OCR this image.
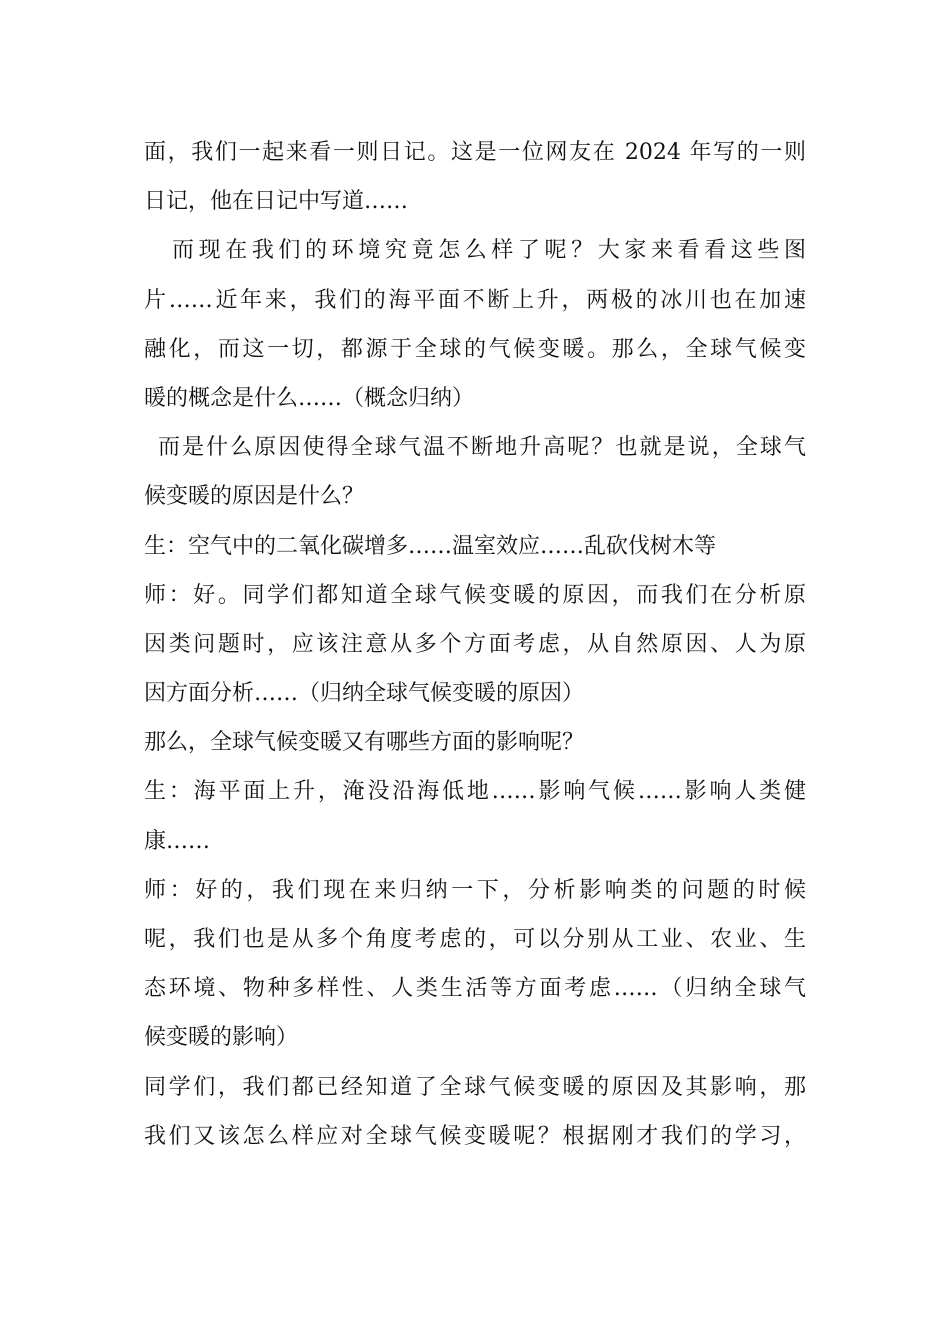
面，我们一起来看一则日记。这是一位网友在 2024 年写的一则
日记，他在日记中写道……
而现在我们的环境究竟怎么样了呢？大家来看看这些图
片……近年来，我们的海平面不断上升，两极的冰川也在加速
融化，而这一切，都源于全球的气候变暖。那么，全球气候变
暖的概念是什么……（概念归纳）
而是什么原因使得全球气温不断地升高呢？也就是说，全球气
候变暖的原因是什么？
生：空气中的二氧化碳增多……温室效应……乱砍伐树木等
师：好。同学们都知道全球气候变暖的原因，而我们在分析原
因类问题时，应该注意从多个方面考虑，从自然原因、人为原
因方面分析……（归纳全球气候变暖的原因）
那么，全球气候变暖又有哪些方面的影响呢？
生：海平面上升，淹没沿海低地……影响气候……影响人类健
康……
师：好的，我们现在来归纳一下，分析影响类的问题的时候
呢，我们也是从多个角度考虑的，可以分别从工业、农业、生
态环境、物种多样性、人类生活等方面考虑……（归纳全球气
候变暖的影响）
同学们，我们都已经知道了全球气候变暖的原因及其影响，那
我们又该怎么样应对全球气候变暖呢？根据刚才我们的学习，
